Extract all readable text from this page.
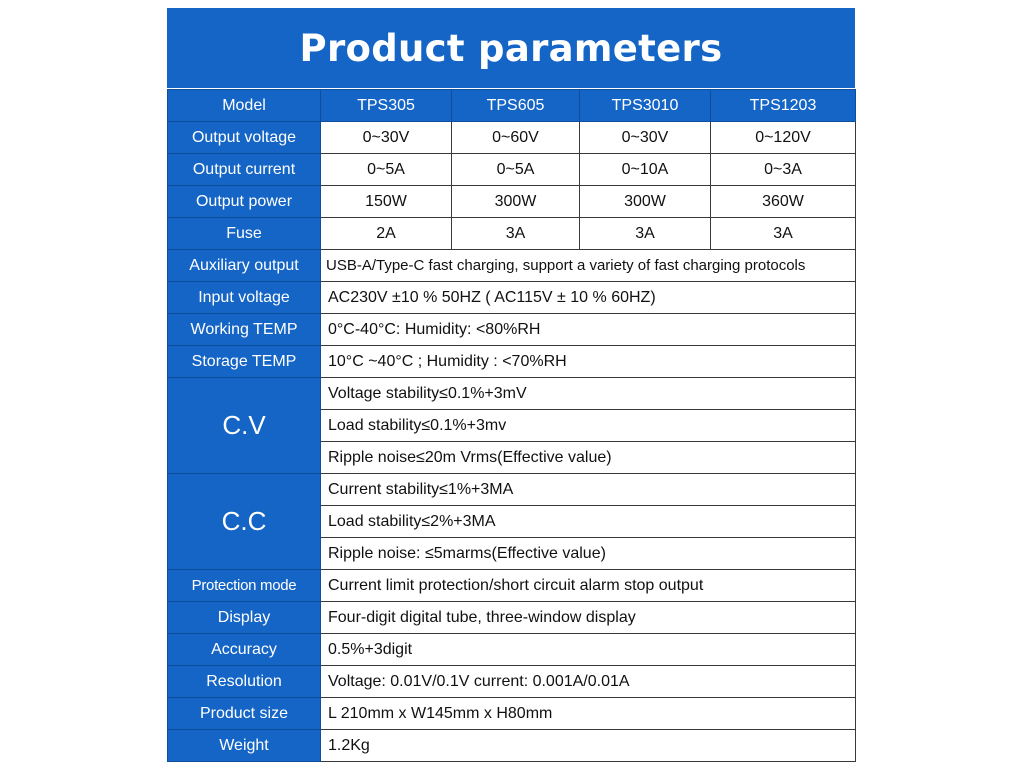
Product parameters
Model	TPS305	TPS605	TPS3010	TPS1203
Output voltage	0~30V	0~60V	0~30V	0~120V
Output current	0~5A	0~5A	0~10A	0~3A
Output power	150W	300W	300W	360W
Fuse	2A	3A	3A	3A
Auxiliary output	USB-A/Type-C fast charging, support a variety of fast charging protocols			
Input voltage	AC230V ±10 % 50HZ ( AC115V ± 10 % 60HZ)			
Working TEMP	0°C-40°C: Humidity: <80%RH			
Storage TEMP	10°C ~40°C ; Humidity : <70%RH			
C.V	Voltage stability≤0.1%+3mV			
	Load stability≤0.1%+3mv			
	Ripple noise≤20m Vrms(Effective value)			
C.C	Current stability≤1%+3MA			
	Load stability≤2%+3MA			
	Ripple noise: ≤5marms(Effective value)			
Protection mode	Current limit protection/short circuit alarm stop output			
Display	Four-digit digital tube, three-window display			
Accuracy	0.5%+3digit			
Resolution	Voltage: 0.01V/0.1V current: 0.001A/0.01A			
Product size	L 210mm x W145mm x H80mm			
Weight	1.2Kg			
